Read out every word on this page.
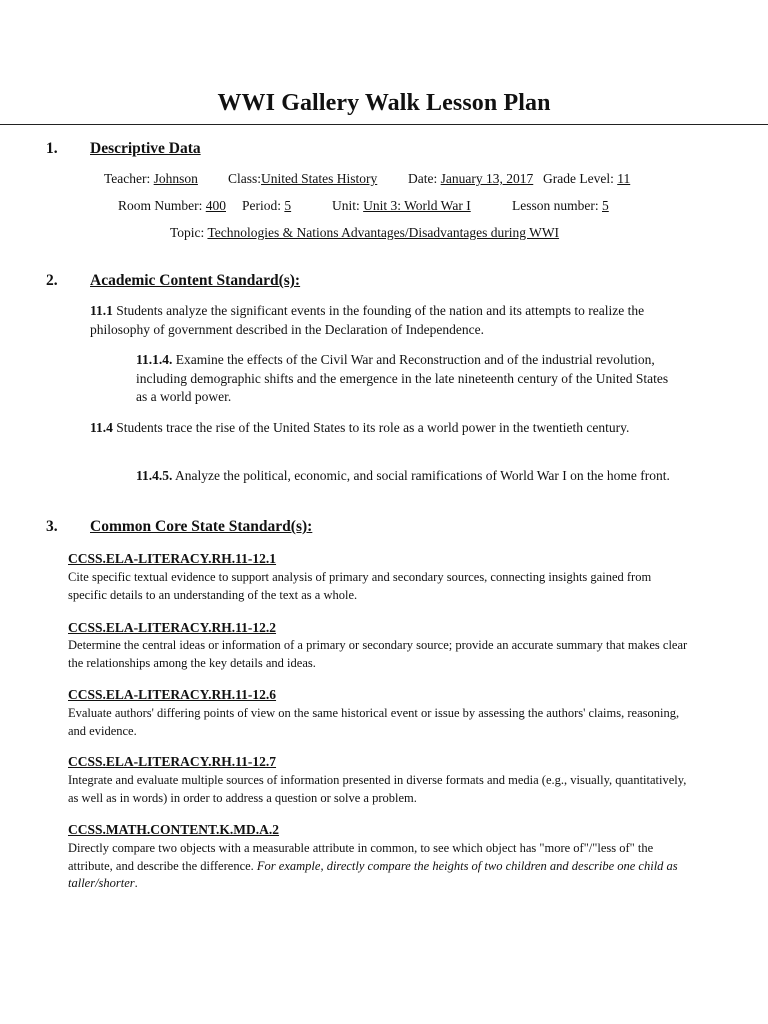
WWI Gallery Walk Lesson Plan
1. Descriptive Data
Teacher: Johnson Class:United States History Date: January 13, 2017 Grade Level: 11
Room Number: 400 Period: 5	Unit: Unit 3: World War I	Lesson number: 5
Topic: Technologies & Nations Advantages/Disadvantages during WWI
2. Academic Content Standard(s):
11.1 Students analyze the significant events in the founding of the nation and its attempts to realize the philosophy of government described in the Declaration of Independence.
11.1.4. Examine the effects of the Civil War and Reconstruction and of the industrial revolution, including demographic shifts and the emergence in the late nineteenth century of the United States as a world power.
11.4 Students trace the rise of the United States to its role as a world power in the twentieth century.
11.4.5. Analyze the political, economic, and social ramifications of World War I on the home front.
3. Common Core State Standard(s):
CCSS.ELA-LITERACY.RH.11-12.1
Cite specific textual evidence to support analysis of primary and secondary sources, connecting insights gained from specific details to an understanding of the text as a whole.
CCSS.ELA-LITERACY.RH.11-12.2
Determine the central ideas or information of a primary or secondary source; provide an accurate summary that makes clear the relationships among the key details and ideas.
CCSS.ELA-LITERACY.RH.11-12.6
Evaluate authors' differing points of view on the same historical event or issue by assessing the authors' claims, reasoning, and evidence.
CCSS.ELA-LITERACY.RH.11-12.7
Integrate and evaluate multiple sources of information presented in diverse formats and media (e.g., visually, quantitatively, as well as in words) in order to address a question or solve a problem.
CCSS.MATH.CONTENT.K.MD.A.2
Directly compare two objects with a measurable attribute in common, to see which object has "more of"/"less of" the attribute, and describe the difference. For example, directly compare the heights of two children and describe one child as taller/shorter.
